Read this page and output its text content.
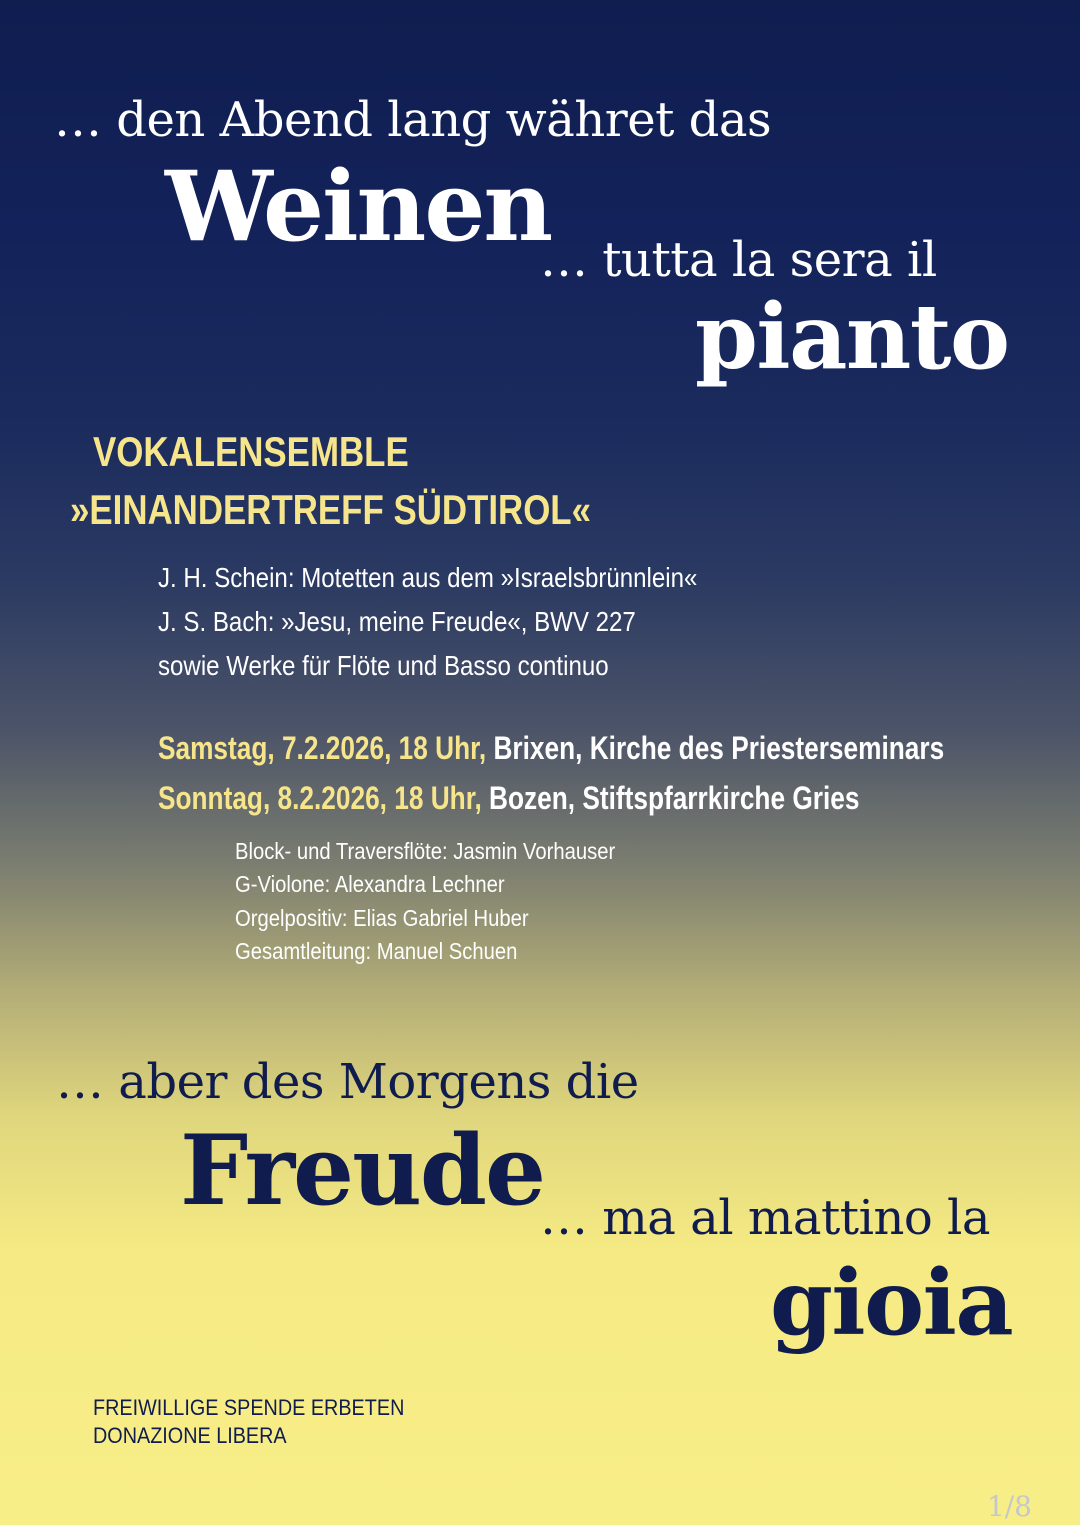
… den Abend lang währet das

Weinen

… tutta la sera il

pianto

VOKALENSEMBLE

»EINANDERTREFF SÜDTIROL«

J. H. Schein: Motetten aus dem »Israelsbrünnlein«

J. S. Bach: »Jesu, meine Freude«, BWV 227

sowie Werke für Flöte und Basso continuo

Samstag, 7.2.2026, 18 Uhr, Brixen, Kirche des Priesterseminars

Sonntag, 8.2.2026, 18 Uhr, Bozen, Stiftspfarrkirche Gries

Block- und Traversflöte: Jasmin Vorhauser

G-Violone: Alexandra Lechner

Orgelpositiv: Elias Gabriel Huber

Gesamtleitung: Manuel Schuen

… aber des Morgens die

Freude

… ma al mattino la

gioia

FREIWILLIGE SPENDE ERBETEN

DONAZIONE LIBERA

1/8
